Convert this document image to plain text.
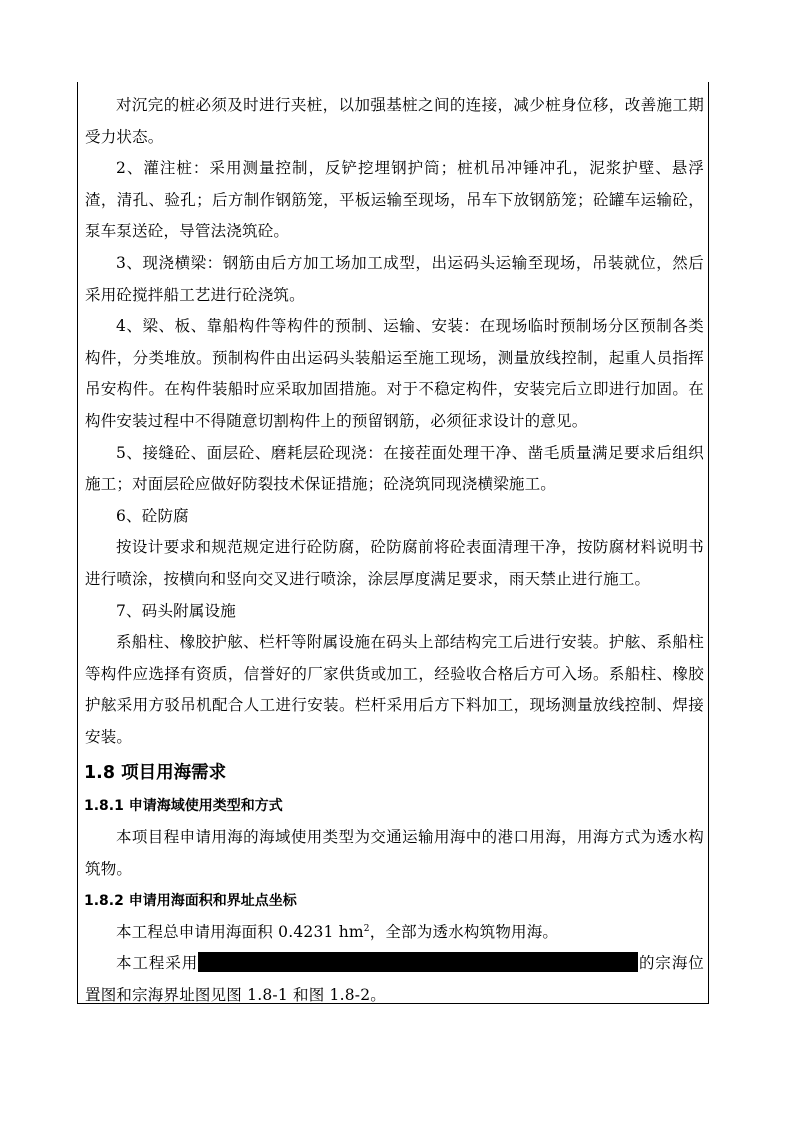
对沉完的桩必须及时进行夹桩，以加强基桩之间的连接，减少桩身位移，改善施工期受力状态。

2、灌注桩：采用测量控制，反铲挖埋钢护筒；桩机吊冲锤冲孔，泥浆护壁、悬浮渣，清孔、验孔；后方制作钢筋笼，平板运输至现场，吊车下放钢筋笼；砼罐车运输砼，泵车泵送砼，导管法浇筑砼。

3、现浇横梁：钢筋由后方加工场加工成型，出运码头运输至现场，吊装就位，然后采用砼搅拌船工艺进行砼浇筑。

4、梁、板、靠船构件等构件的预制、运输、安装：在现场临时预制场分区预制各类构件，分类堆放。预制构件由出运码头装船运至施工现场，测量放线控制，起重人员指挥吊安构件。在构件装船时应采取加固措施。对于不稳定构件，安装完后立即进行加固。在构件安装过程中不得随意切割构件上的预留钢筋，必须征求设计的意见。

5、接缝砼、面层砼、磨耗层砼现浇：在接茬面处理干净、凿毛质量满足要求后组织施工；对面层砼应做好防裂技术保证措施；砼浇筑同现浇横梁施工。

6、砼防腐

按设计要求和规范规定进行砼防腐，砼防腐前将砼表面清理干净，按防腐材料说明书进行喷涂，按横向和竖向交叉进行喷涂，涂层厚度满足要求，雨天禁止进行施工。

7、码头附属设施

系船柱、橡胶护舷、栏杆等附属设施在码头上部结构完工后进行安装。护舷、系船柱等构件应选择有资质，信誉好的厂家供货或加工，经验收合格后方可入场。系船柱、橡胶护舷采用方驳吊机配合人工进行安装。栏杆采用后方下料加工，现场测量放线控制、焊接安装。

1.8 项目用海需求
1.8.1 申请海域使用类型和方式

本项目程申请用海的海域使用类型为交通运输用海中的港口用海，用海方式为透水构筑物。

1.8.2 申请用海面积和界址点坐标

本工程总申请用海面积 0.4231 $hm^2$，全部为透水构筑物用海。

本工程采用	的宗海位置图和宗海界址图见图 1.8-1 和图 1.8-2。
